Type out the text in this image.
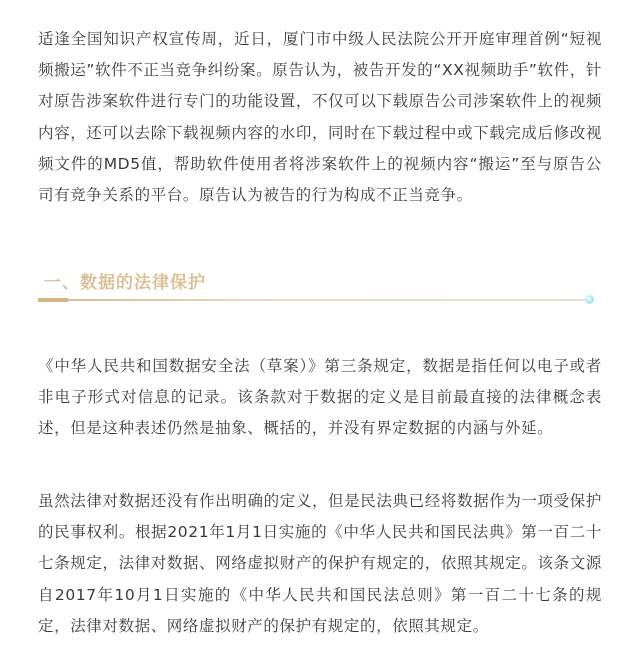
适逢全国知识产权宣传周，近日，厦门市中级人民法院公开开庭审理首例“短视频搬运”软件不正当竞争纠纷案。原告认为，被告开发的“XX视频助手”软件，针对原告涉案软件进行专门的功能设置，不仅可以下载原告公司涉案软件上的视频内容，还可以去除下载视频内容的水印，同时在下载过程中或下载完成后修改视频文件的MD5值，帮助软件使用者将涉案软件上的视频内容“搬运”至与原告公司有竞争关系的平台。原告认为被告的行为构成不正当竞争。

一、数据的法律保护

《中华人民共和国数据安全法（草案）》第三条规定，数据是指任何以电子或者非电子形式对信息的记录。该条款对于数据的定义是目前最直接的法律概念表述，但是这种表述仍然是抽象、概括的，并没有界定数据的内涵与外延。

虽然法律对数据还没有作出明确的定义，但是民法典已经将数据作为一项受保护的民事权利。根据2021年1月1日实施的《中华人民共和国民法典》第一百二十七条规定，法律对数据、网络虚拟财产的保护有规定的，依照其规定。该条文源自2017年10月1日实施的《中华人民共和国民法总则》第一百二十七条的规定，法律对数据、网络虚拟财产的保护有规定的，依照其规定。
